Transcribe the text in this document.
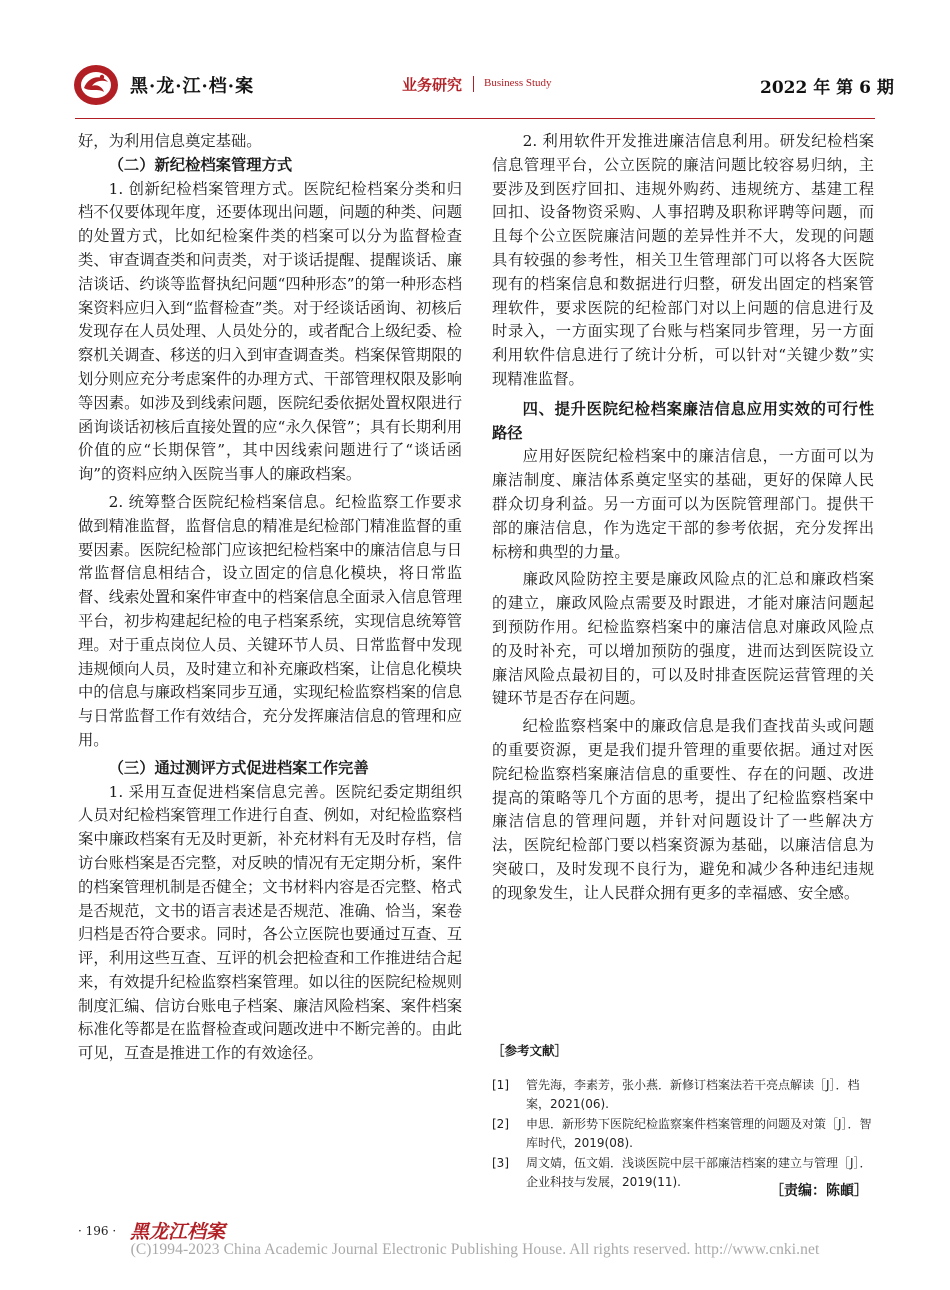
黑·龙·江·档·案	业务研究 Business Study	2022 年 第 6 期

好，为利用信息奠定基础。

（二）新纪检档案管理方式

1. 创新纪检档案管理方式。医院纪检档案分类和归档不仅要体现年度，还要体现出问题，问题的种类、问题的处置方式，比如纪检案件类的档案可以分为监督检查类、审查调查类和问责类，对于谈话提醒、提醒谈话、廉洁谈话、约谈等监督执纪问题“四种形态”的第一种形态档案资料应归入到“监督检查”类。对于经谈话函询、初核后发现存在人员处理、人员处分的，或者配合上级纪委、检察机关调查、移送的归入到审查调查类。档案保管期限的划分则应充分考虑案件的办理方式、干部管理权限及影响等因素。如涉及到线索问题，医院纪委依据处置权限进行函询谈话初核后直接处置的应“永久保管”；具有长期利用价值的应“长期保管”，其中因线索问题进行了“谈话函询”的资料应纳入医院当事人的廉政档案。

2. 统筹整合医院纪检档案信息。纪检监察工作要求做到精准监督，监督信息的精准是纪检部门精准监督的重要因素。医院纪检部门应该把纪检档案中的廉洁信息与日常监督信息相结合，设立固定的信息化模块，将日常监督、线索处置和案件审查中的档案信息全面录入信息管理平台，初步构建起纪检的电子档案系统，实现信息统筹管理。对于重点岗位人员、关键环节人员、日常监督中发现违规倾向人员，及时建立和补充廉政档案，让信息化模块中的信息与廉政档案同步互通，实现纪检监察档案的信息与日常监督工作有效结合，充分发挥廉洁信息的管理和应用。

（三）通过测评方式促进档案工作完善

1. 采用互查促进档案信息完善。医院纪委定期组织人员对纪检档案管理工作进行自查、例如，对纪检监察档案中廉政档案有无及时更新，补充材料有无及时存档，信访台账档案是否完整，对反映的情况有无定期分析，案件的档案管理机制是否健全；文书材料内容是否完整、格式是否规范，文书的语言表述是否规范、准确、恰当，案卷归档是否符合要求。同时，各公立医院也要通过互查、互评，利用这些互查、互评的机会把检查和工作推进结合起来，有效提升纪检监察档案管理。如以往的医院纪检规则制度汇编、信访台账电子档案、廉洁风险档案、案件档案标准化等都是在监督检查或问题改进中不断完善的。由此可见，互查是推进工作的有效途径。

2. 利用软件开发推进廉洁信息利用。研发纪检档案信息管理平台，公立医院的廉洁问题比较容易归纳，主要涉及到医疗回扣、违规外购药、违规统方、基建工程回扣、设备物资采购、人事招聘及职称评聘等问题，而且每个公立医院廉洁问题的差异性并不大，发现的问题具有较强的参考性，相关卫生管理部门可以将各大医院现有的档案信息和数据进行归整，研发出固定的档案管理软件，要求医院的纪检部门对以上问题的信息进行及时录入，一方面实现了台账与档案同步管理，另一方面利用软件信息进行了统计分析，可以针对“关键少数”实现精准监督。

四、提升医院纪检档案廉洁信息应用实效的可行性路径

应用好医院纪检档案中的廉洁信息，一方面可以为廉洁制度、廉洁体系奠定坚实的基础，更好的保障人民群众切身利益。另一方面可以为医院管理部门。提供干部的廉洁信息，作为选定干部的参考依据，充分发挥出标榜和典型的力量。

廉政风险防控主要是廉政风险点的汇总和廉政档案的建立，廉政风险点需要及时跟进，才能对廉洁问题起到预防作用。纪检监察档案中的廉洁信息对廉政风险点的及时补充，可以增加预防的强度，进而达到医院设立廉洁风险点最初目的，可以及时排查医院运营管理的关键环节是否存在问题。

纪检监察档案中的廉政信息是我们查找苗头或问题的重要资源，更是我们提升管理的重要依据。通过对医院纪检监察档案廉洁信息的重要性、存在的问题、改进提高的策略等几个方面的思考，提出了纪检监察档案中廉洁信息的管理问题，并针对问题设计了一些解决方法，医院纪检部门要以档案资源为基础，以廉洁信息为突破口，及时发现不良行为，避免和减少各种违纪违规的现象发生，让人民群众拥有更多的幸福感、安全感。

［参考文献］
[1]	管先海，李素芳，张小燕．新修订档案法若干亮点解读［J］．档案，2021(06).
[2]	申思．新形势下医院纪检监察案件档案管理的问题及对策［J］．智库时代，2019(08).
[3]	周文婧，伍文娟．浅谈医院中层干部廉洁档案的建立与管理［J］．企业科技与发展，2019(11).
［责编：陈頔］
· 196 · 黑龙江档案
(C)1994-2023 China Academic Journal Electronic Publishing House. All rights reserved. http://www.cnki.net
